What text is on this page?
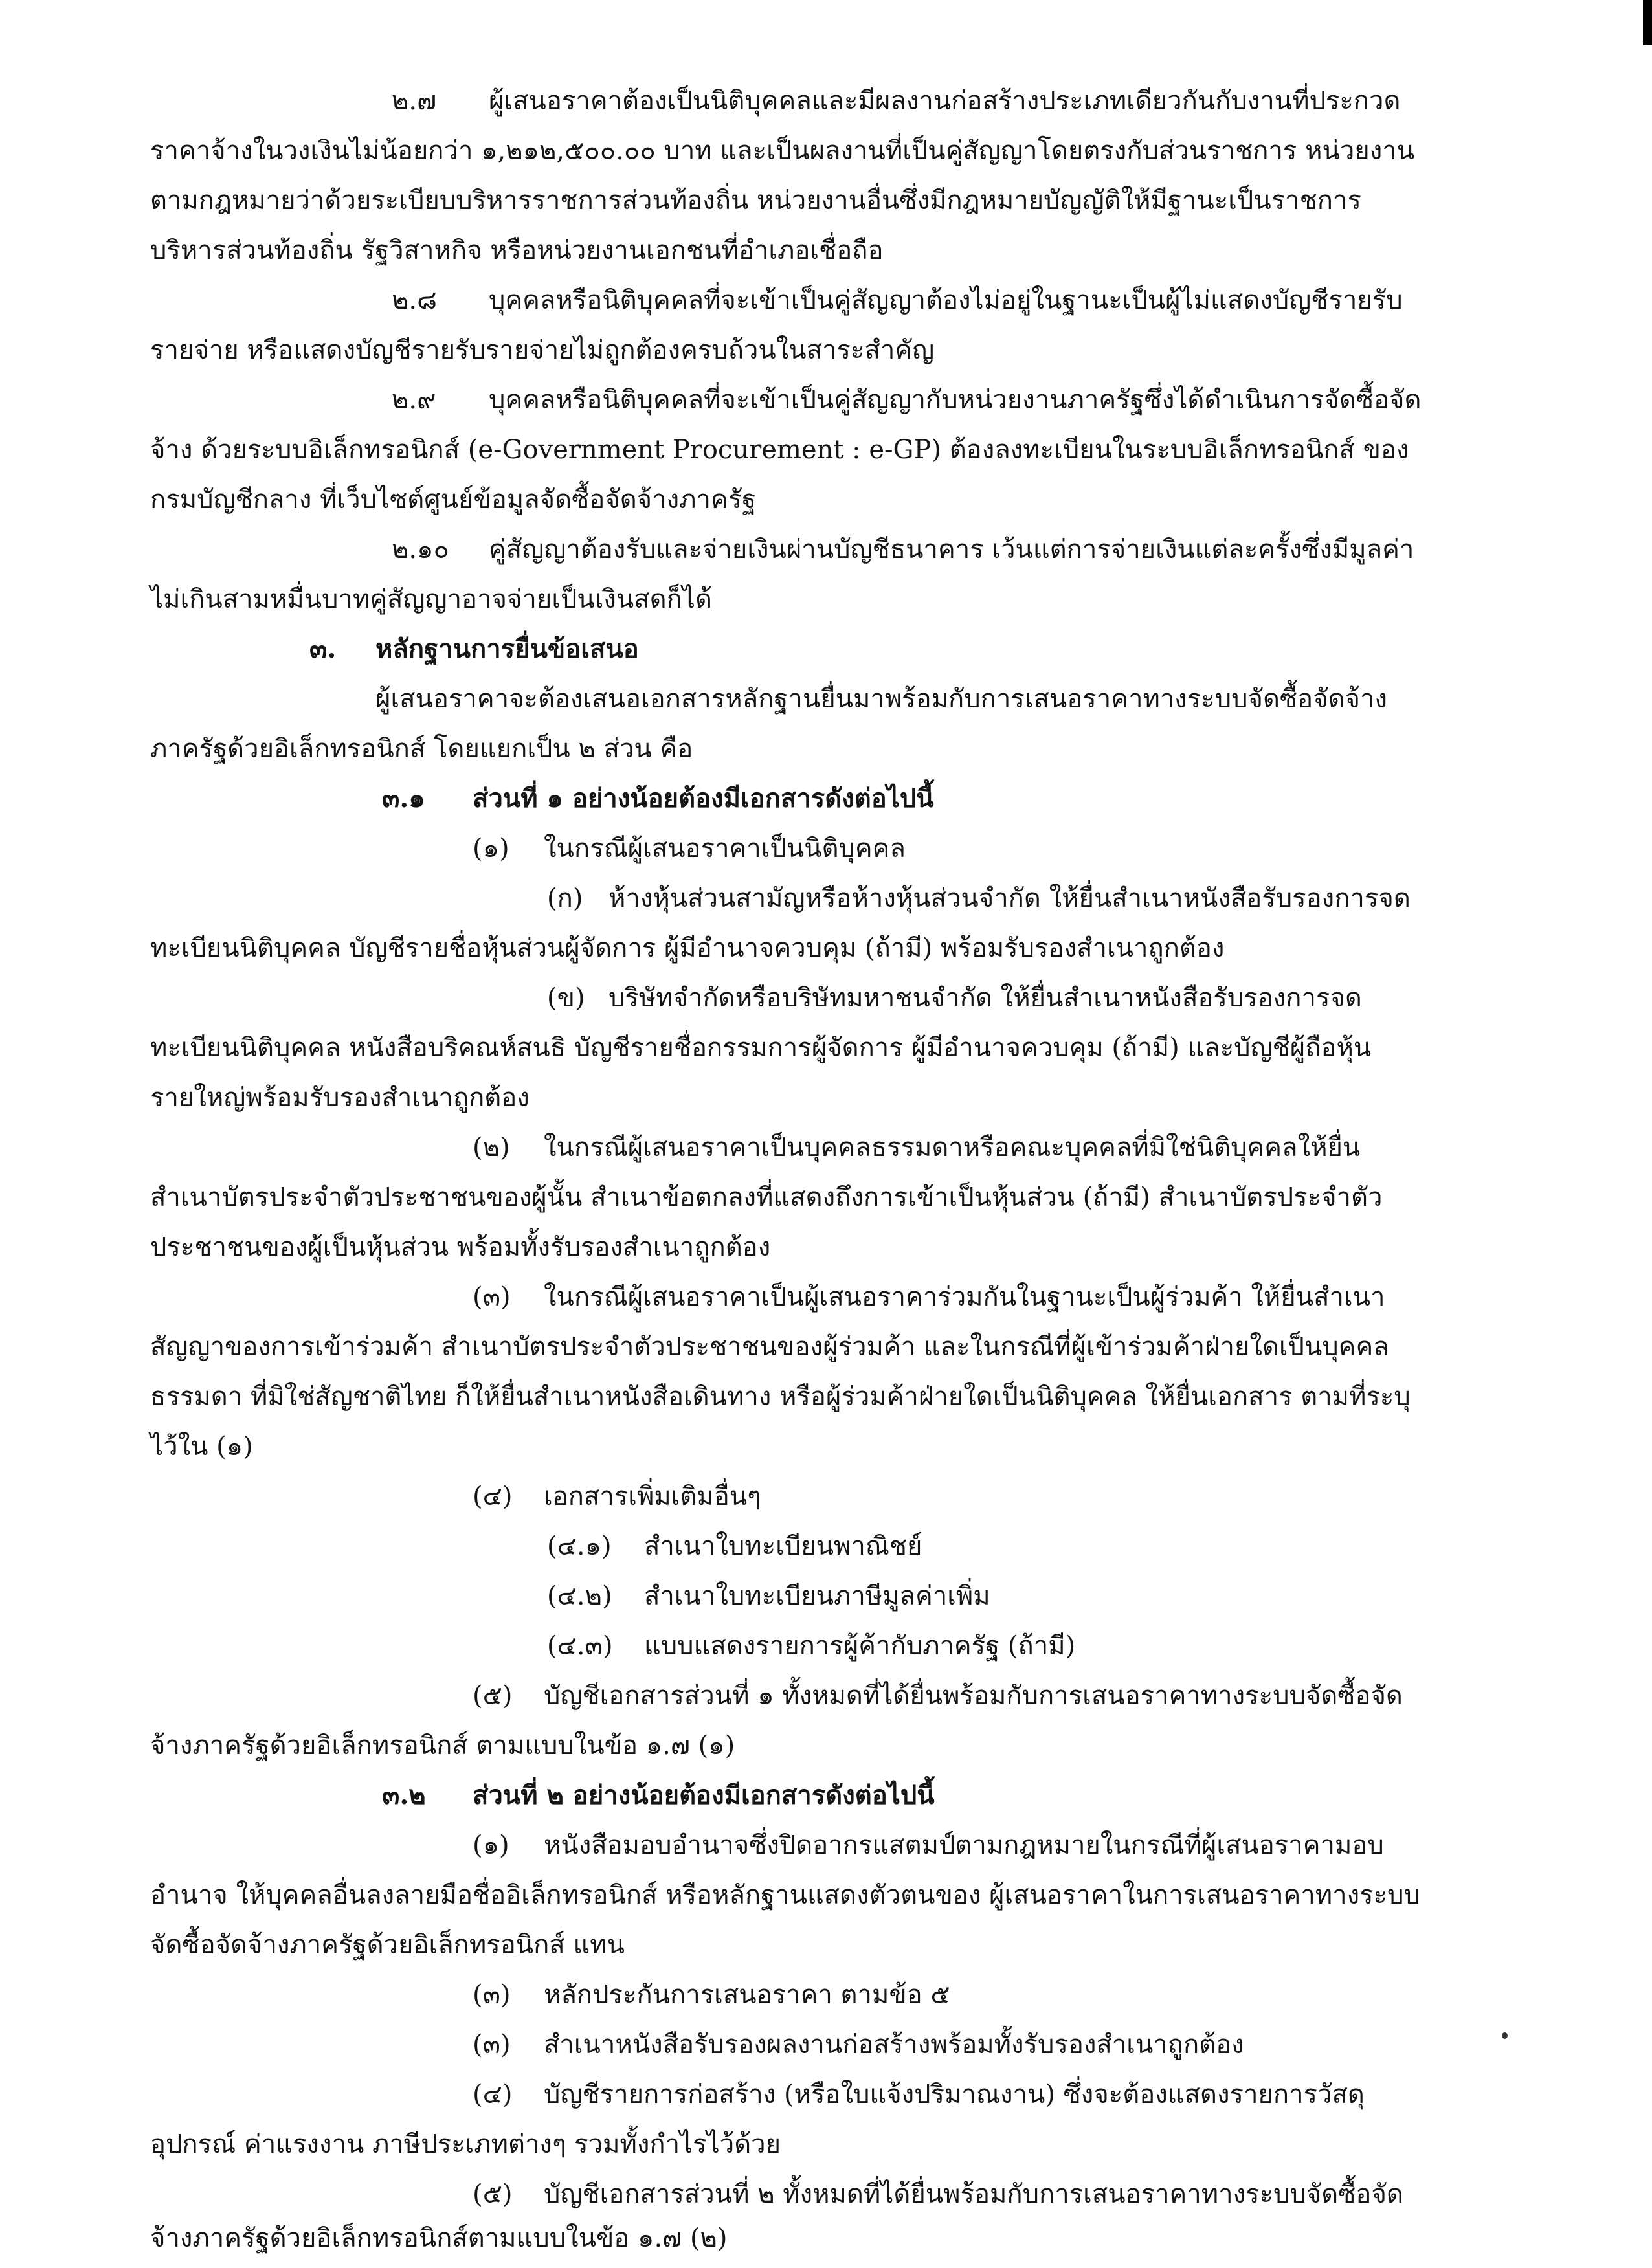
๒.๗ ผู้เสนอราคาต้องเป็นนิติบุคคลและมีผลงานก่อสร้างประเภทเดียวกันกับงานที่ประกวด
ราคาจ้างในวงเงินไม่น้อยกว่า ๑,๒๑๒,๕๐๐.๐๐ บาท และเป็นผลงานที่เป็นคู่สัญญาโดยตรงกับส่วนราชการ หน่วยงาน
ตามกฎหมายว่าด้วยระเบียบบริหารราชการส่วนท้องถิ่น หน่วยงานอื่นซึ่งมีกฎหมายบัญญัติให้มีฐานะเป็นราชการ
บริหารส่วนท้องถิ่น รัฐวิสาหกิจ หรือหน่วยงานเอกชนที่อำเภอเชื่อถือ
๒.๘ บุคคลหรือนิติบุคคลที่จะเข้าเป็นคู่สัญญาต้องไม่อยู่ในฐานะเป็นผู้ไม่แสดงบัญชีรายรับ
รายจ่าย หรือแสดงบัญชีรายรับรายจ่ายไม่ถูกต้องครบถ้วนในสาระสำคัญ
๒.๙ บุคคลหรือนิติบุคคลที่จะเข้าเป็นคู่สัญญากับหน่วยงานภาครัฐซึ่งได้ดำเนินการจัดซื้อจัด
จ้าง ด้วยระบบอิเล็กทรอนิกส์ (e-Government Procurement : e-GP) ต้องลงทะเบียนในระบบอิเล็กทรอนิกส์ ของ
กรมบัญชีกลาง ที่เว็บไซต์ศูนย์ข้อมูลจัดซื้อจัดจ้างภาครัฐ
๒.๑๐ คู่สัญญาต้องรับและจ่ายเงินผ่านบัญชีธนาคาร เว้นแต่การจ่ายเงินแต่ละครั้งซึ่งมีมูลค่า
ไม่เกินสามหมื่นบาทคู่สัญญาอาจจ่ายเป็นเงินสดก็ได้
๓. หลักฐานการยื่นข้อเสนอ
ผู้เสนอราคาจะต้องเสนอเอกสารหลักฐานยื่นมาพร้อมกับการเสนอราคาทางระบบจัดซื้อจัดจ้าง
ภาครัฐด้วยอิเล็กทรอนิกส์ โดยแยกเป็น ๒ ส่วน คือ
๓.๑ ส่วนที่ ๑ อย่างน้อยต้องมีเอกสารดังต่อไปนี้
(๑) ในกรณีผู้เสนอราคาเป็นนิติบุคคล
(ก) ห้างหุ้นส่วนสามัญหรือห้างหุ้นส่วนจำกัด ให้ยื่นสำเนาหนังสือรับรองการจด
ทะเบียนนิติบุคคล บัญชีรายชื่อหุ้นส่วนผู้จัดการ ผู้มีอำนาจควบคุม (ถ้ามี) พร้อมรับรองสำเนาถูกต้อง
(ข) บริษัทจำกัดหรือบริษัทมหาชนจำกัด ให้ยื่นสำเนาหนังสือรับรองการจด
ทะเบียนนิติบุคคล หนังสือบริคณห์สนธิ บัญชีรายชื่อกรรมการผู้จัดการ ผู้มีอำนาจควบคุม (ถ้ามี) และบัญชีผู้ถือหุ้น
รายใหญ่พร้อมรับรองสำเนาถูกต้อง
(๒) ในกรณีผู้เสนอราคาเป็นบุคคลธรรมดาหรือคณะบุคคลที่มิใช่นิติบุคคลให้ยื่น
สำเนาบัตรประจำตัวประชาชนของผู้นั้น สำเนาข้อตกลงที่แสดงถึงการเข้าเป็นหุ้นส่วน (ถ้ามี) สำเนาบัตรประจำตัว
ประชาชนของผู้เป็นหุ้นส่วน พร้อมทั้งรับรองสำเนาถูกต้อง
(๓) ในกรณีผู้เสนอราคาเป็นผู้เสนอราคาร่วมกันในฐานะเป็นผู้ร่วมค้า ให้ยื่นสำเนา
สัญญาของการเข้าร่วมค้า สำเนาบัตรประจำตัวประชาชนของผู้ร่วมค้า และในกรณีที่ผู้เข้าร่วมค้าฝ่ายใดเป็นบุคคล
ธรรมดา ที่มิใช่สัญชาติไทย ก็ให้ยื่นสำเนาหนังสือเดินทาง หรือผู้ร่วมค้าฝ่ายใดเป็นนิติบุคคล ให้ยื่นเอกสาร ตามที่ระบุ
ไว้ใน (๑)
(๔) เอกสารเพิ่มเติมอื่นๆ
(๔.๑) สำเนาใบทะเบียนพาณิชย์
(๔.๒) สำเนาใบทะเบียนภาษีมูลค่าเพิ่ม
(๔.๓) แบบแสดงรายการผู้ค้ากับภาครัฐ (ถ้ามี)
(๕) บัญชีเอกสารส่วนที่ ๑ ทั้งหมดที่ได้ยื่นพร้อมกับการเสนอราคาทางระบบจัดซื้อจัด
จ้างภาครัฐด้วยอิเล็กทรอนิกส์ ตามแบบในข้อ ๑.๗ (๑)
๓.๒ ส่วนที่ ๒ อย่างน้อยต้องมีเอกสารดังต่อไปนี้
(๑) หนังสือมอบอำนาจซึ่งปิดอากรแสตมป์ตามกฎหมายในกรณีที่ผู้เสนอราคามอบ
อำนาจ ให้บุคคลอื่นลงลายมือชื่ออิเล็กทรอนิกส์ หรือหลักฐานแสดงตัวตนของ ผู้เสนอราคาในการเสนอราคาทางระบบ
จัดซื้อจัดจ้างภาครัฐด้วยอิเล็กทรอนิกส์ แทน
(๓) หลักประกันการเสนอราคา ตามข้อ ๕
(๓) สำเนาหนังสือรับรองผลงานก่อสร้างพร้อมทั้งรับรองสำเนาถูกต้อง
(๔) บัญชีรายการก่อสร้าง (หรือใบแจ้งปริมาณงาน) ซึ่งจะต้องแสดงรายการวัสดุ
อุปกรณ์ ค่าแรงงาน ภาษีประเภทต่างๆ รวมทั้งกำไรไว้ด้วย
(๕) บัญชีเอกสารส่วนที่ ๒ ทั้งหมดที่ได้ยื่นพร้อมกับการเสนอราคาทางระบบจัดซื้อจัด
จ้างภาครัฐด้วยอิเล็กทรอนิกส์ตามแบบในข้อ ๑.๗ (๒)
